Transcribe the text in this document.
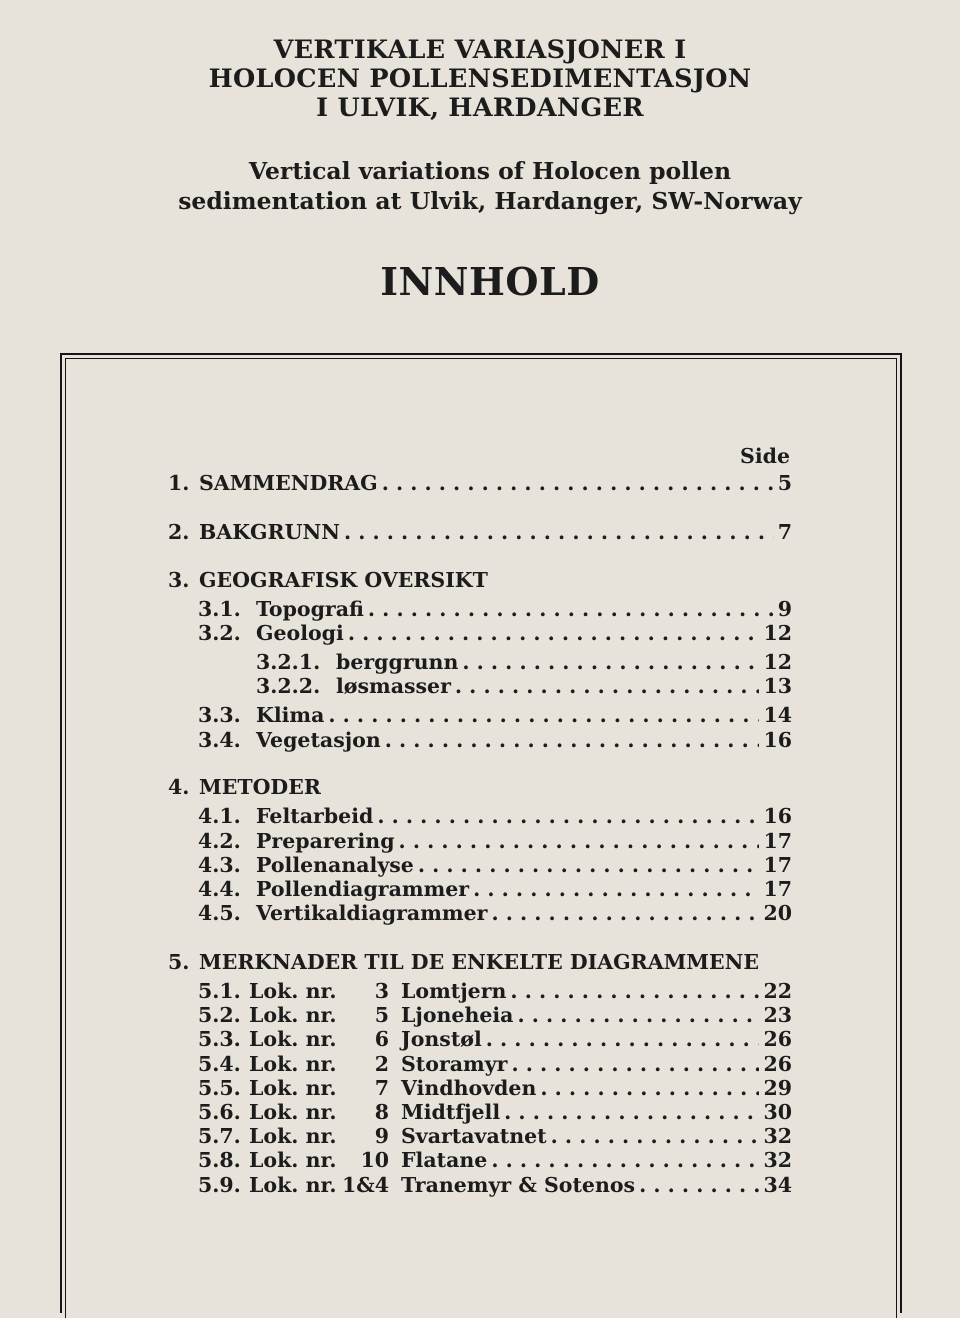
VERTIKALE VARIASJONER I
HOLOCEN POLLENSEDIMENTASJON
I ULVIK, HARDANGER
Vertical variations of Holocen pollen
sedimentation at Ulvik, Hardanger, SW-Norway
INNHOLD
Side
1. SAMMENDRAG . . .	5
2. BAKGRUNN . . .	7
3. GEOGRAFISK OVERSIKT
3.1. Topografi . . .	9
3.2. Geologi . . .	12
3.2.1. berggrunn . . .	12
3.2.2. løsmasser . . .	13
3.3. Klima . . .	14
3.4. Vegetasjon . . .	16
4. METODER
4.1. Feltarbeid . . .	16
4.2. Preparering . . .	17
4.3. Pollenanalyse . . .	17
4.4. Pollendiagrammer . . .	17
4.5. Vertikaldiagrammer . . .	20
5. MERKNADER TIL DE ENKELTE DIAGRAMMENE
5.1. Lok. nr.	3 Lomtjern . . .	22
5.2. Lok. nr.	5 Ljoneheia . . .	23
5.3. Lok. nr.	6 Jonstøl . . .	26
5.4. Lok. nr.	2 Storamyr . . .	26
5.5. Lok. nr.	7 Vindhovden . . .	29
5.6. Lok. nr.	8 Midtfjell . . .	30
5.7. Lok. nr.	9 Svartavatnet . . .	32
5.8. Lok. nr.	10 Flatane . . .	32
5.9. Lok. nr. 1&4 Tranemyr & Sotenos . . .	34
